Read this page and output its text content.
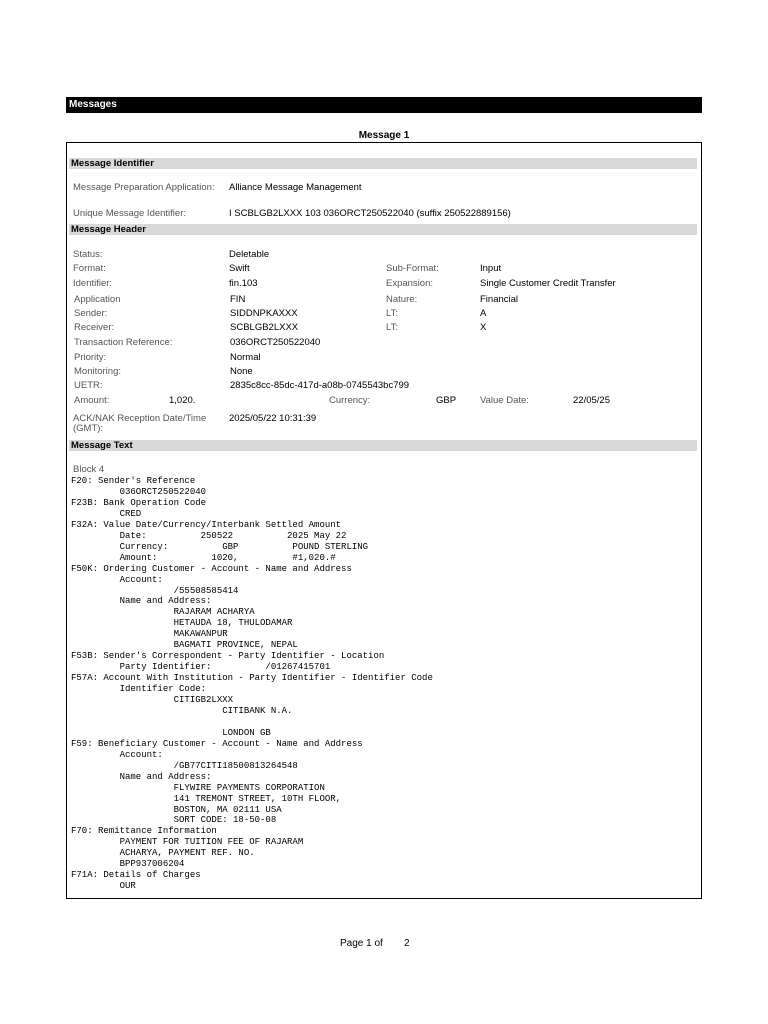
Messages
Message 1
Message Identifier
Message Preparation Application:	Alliance Message Management
Unique Message Identifier:	I SCBLGB2LXXX 103 036ORCT250522040 (suffix 250522889156)
Message Header
Status:	Deletable
Format:	Swift	Sub-Format:	Input
Identifier:	fin.103	Expansion:	Single Customer Credit Transfer
Application	FIN	Nature:	Financial
Sender:	SIDDNPKAXXX	LT:	A
Receiver:	SCBLGB2LXXX	LT:	X
Transaction Reference:	036ORCT250522040
Priority:	Normal
Monitoring:	None
UETR:	2835c8cc-85dc-417d-a08b-0745543bc799
Amount:	1,020.	Currency:	GBP	Value Date:	22/05/25
ACK/NAK Reception Date/Time (GMT):
2025/05/22 10:31:39
Message Text
Block 4
F20: Sender's Reference
036ORCT250522040
F23B: Bank Operation Code
CRED
F32A: Value Date/Currency/Interbank Settled Amount
Date:          250522          2025 May 22
Currency:          GBP          POUND STERLING
Amount:          1020,          #1,020.#
F50K: Ordering Customer - Account - Name and Address
Account:
/55508585414
Name and Address:
RAJARAM ACHARYA
HETAUDA 18, THULODAMAR
MAKAWANPUR
BAGMATI PROVINCE, NEPAL
F53B: Sender's Correspondent - Party Identifier - Location
Party Identifier:          /01267415701
F57A: Account With Institution - Party Identifier - Identifier Code
Identifier Code:
CITIGB2LXXX
CITIBANK N.A.
LONDON GB
F59: Beneficiary Customer - Account - Name and Address
Account:
/GB77CITI18500813264548
Name and Address:
FLYWIRE PAYMENTS CORPORATION
141 TREMONT STREET, 10TH FLOOR,
BOSTON, MA 02111 USA
SORT CODE: 18-50-08
F70: Remittance Information
PAYMENT FOR TUITION FEE OF RAJARAM
ACHARYA, PAYMENT REF. NO.
BPP937006204
F71A: Details of Charges
OUR
Page 1 of 2
